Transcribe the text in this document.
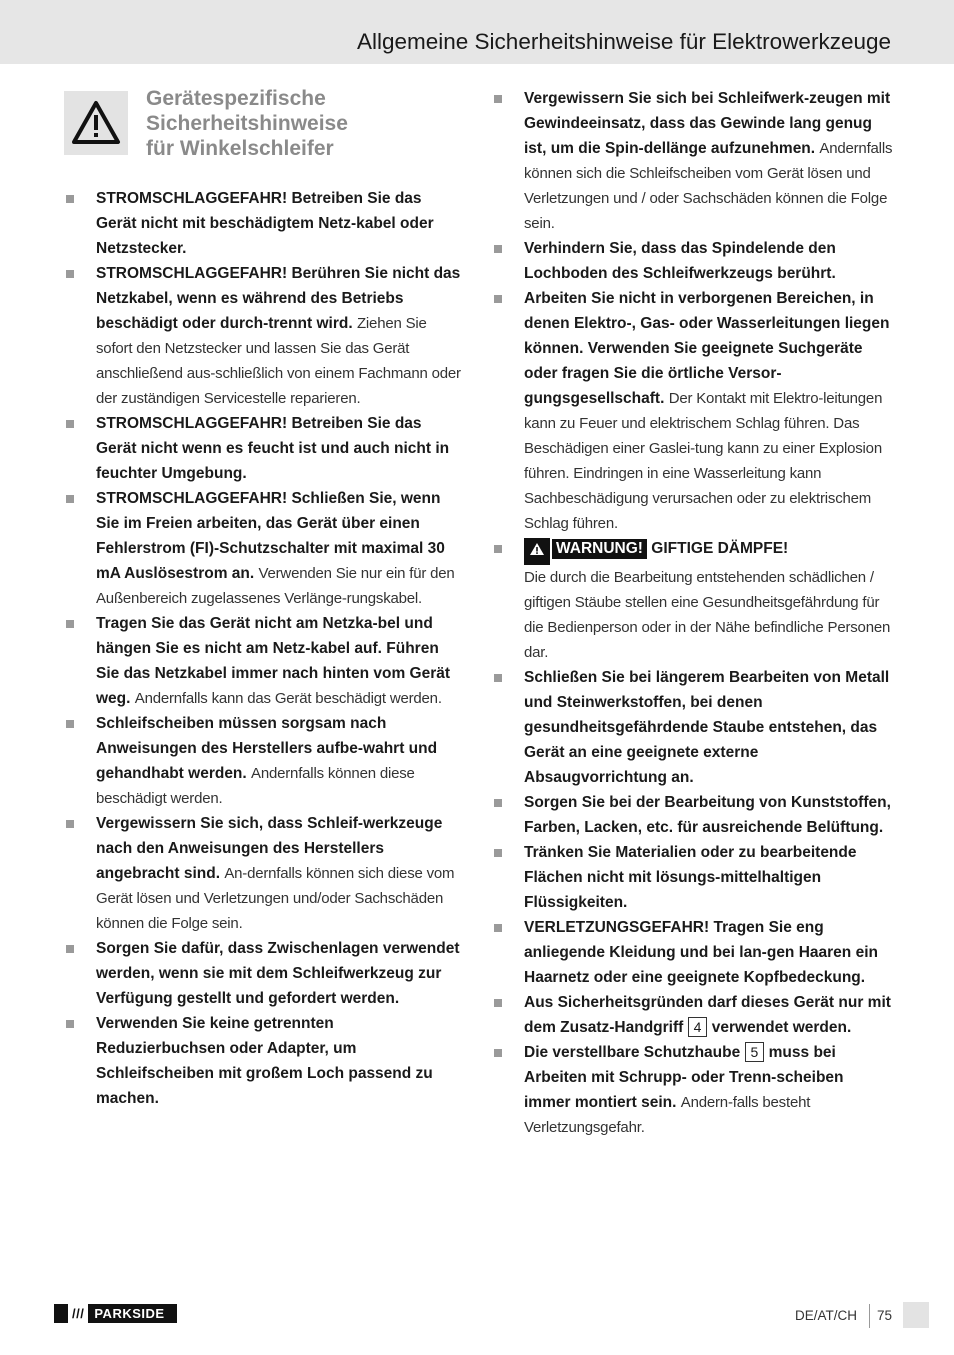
Allgemeine Sicherheitshinweise für Elektrowerkzeuge
Gerätespezifische
Sicherheitshinweise
für Winkelschleifer
STROMSCHLAGGEFAHR! Betreiben Sie das Gerät nicht mit beschädigtem Netz-kabel oder Netzstecker.
STROMSCHLAGGEFAHR! Berühren Sie nicht das Netzkabel, wenn es während des Betriebs beschädigt oder durch-trennt wird. Ziehen Sie sofort den Netzstecker und lassen Sie das Gerät anschließend aus-schließlich von einem Fachmann oder der zuständigen Servicestelle reparieren.
STROMSCHLAGGEFAHR! Betreiben Sie das Gerät nicht wenn es feucht ist und auch nicht in feuchter Umgebung.
STROMSCHLAGGEFAHR! Schließen Sie, wenn Sie im Freien arbeiten, das Gerät über einen Fehlerstrom (FI)-Schutzschalter mit maximal 30 mA Auslösestrom an. Verwenden Sie nur ein für den Außenbereich zugelassenes Verlänge-rungskabel.
Tragen Sie das Gerät nicht am Netzka-bel und hängen Sie es nicht am Netz-kabel auf. Führen Sie das Netzkabel immer nach hinten vom Gerät weg. Andernfalls kann das Gerät beschädigt werden.
Schleifscheiben müssen sorgsam nach Anweisungen des Herstellers aufbe-wahrt und gehandhabt werden. Andernfalls können diese beschädigt werden.
Vergewissern Sie sich, dass Schleif-werkzeuge nach den Anweisungen des Herstellers angebracht sind. An-dernfalls können sich diese vom Gerät lösen und Verletzungen und/oder Sachschäden können die Folge sein.
Sorgen Sie dafür, dass Zwischenlagen verwendet werden, wenn sie mit dem Schleifwerkzeug zur Verfügung gestellt und gefordert werden.
Verwenden Sie keine getrennten Reduzierbuchsen oder Adapter, um Schleifscheiben mit großem Loch passend zu machen.
Vergewissern Sie sich bei Schleifwerk-zeugen mit Gewindeeinsatz, dass das Gewinde lang genug ist, um die Spin-dellänge aufzunehmen. Andernfalls können sich die Schleifscheiben vom Gerät lösen und Verletzungen und / oder Sachschäden können die Folge sein.
Verhindern Sie, dass das Spindelende den Lochboden des Schleifwerkzeugs berührt.
Arbeiten Sie nicht in verborgenen Bereichen, in denen Elektro-, Gas- oder Wasserleitungen liegen können. Verwenden Sie geeignete Suchgeräte oder fragen Sie die örtliche Versor-gungsgesellschaft. Der Kontakt mit Elektro-leitungen kann zu Feuer und elektrischem Schlag führen. Das Beschädigen einer Gaslei-tung kann zu einer Explosion führen. Eindringen in eine Wasserleitung kann Sachbeschädigung verursachen oder zu elektrischem Schlag führen.
WARNUNG! GIFTIGE DÄMPFE!
Die durch die Bearbeitung entstehenden schädlichen / giftigen Stäube stellen eine Gesundheitsgefährdung für die Bedienperson oder in der Nähe befindliche Personen dar.
Schließen Sie bei längerem Bearbeiten von Metall und Steinwerkstoffen, bei denen gesundheitsgefährdende Staube entstehen, das Gerät an eine geeignete externe Absaugvorrichtung an.
Sorgen Sie bei der Bearbeitung von Kunststoffen, Farben, Lacken, etc. für ausreichende Belüftung.
Tränken Sie Materialien oder zu bearbeitende Flächen nicht mit lösungs-mittelhaltigen Flüssigkeiten.
VERLETZUNGSGEFAHR! Tragen Sie eng anliegende Kleidung und bei lan-gen Haaren ein Haarnetz oder eine geeignete Kopfbedeckung.
Aus Sicherheitsgründen darf dieses Gerät nur mit dem Zusatz-Handgriff 4 verwendet werden.
Die verstellbare Schutzhaube 5 muss bei Arbeiten mit Schrupp- oder Trenn-scheiben immer montiert sein. Andern-falls besteht Verletzungsgefahr.
/// PARKSIDE	DE/AT/CH 75
